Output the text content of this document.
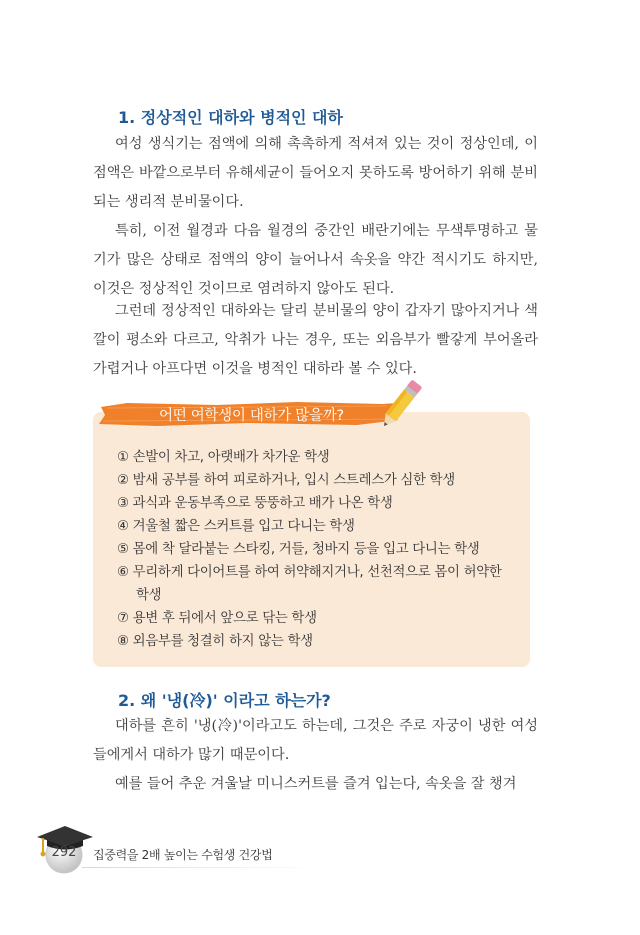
1. 정상적인 대하와 병적인 대하

여성 생식기는 점액에 의해 촉촉하게 적셔져 있는 것이 정상인데, 이 점액은 바깥으로부터 유해세균이 들어오지 못하도록 방어하기 위해 분비되는 생리적 분비물이다.

특히, 이전 월경과 다음 월경의 중간인 배란기에는 무색투명하고 물기가 많은 상태로 점액의 양이 늘어나서 속옷을 약간 적시기도 하지만, 이것은 정상적인 것이므로 염려하지 않아도 된다.

그런데 정상적인 대하와는 달리 분비물의 양이 갑자기 많아지거나 색깔이 평소와 다르고, 악취가 나는 경우, 또는 외음부가 빨갛게 부어올라 가렵거나 아프다면 이것을 병적인 대하라 볼 수 있다.

어떤 여학생이 대하가 많을까?
① 손발이 차고, 아랫배가 차가운 학생
② 밤새 공부를 하여 피로하거나, 입시 스트레스가 심한 학생
③ 과식과 운동부족으로 뚱뚱하고 배가 나온 학생
④ 겨울철 짧은 스커트를 입고 다니는 학생
⑤ 몸에 착 달라붙는 스타킹, 거들, 청바지 등을 입고 다니는 학생
⑥ 무리하게 다이어트를 하여 허약해지거나, 선천적으로 몸이 허약한 학생
⑦ 용변 후 뒤에서 앞으로 닦는 학생
⑧ 외음부를 청결히 하지 않는 학생
2. 왜 '냉(冷)' 이라고 하는가?

대하를 흔히 '냉(冷)'이라고도 하는데, 그것은 주로 자궁이 냉한 여성들에게서 대하가 많기 때문이다.

예를 들어 추운 겨울날 미니스커트를 즐겨 입는다, 속옷을 잘 챙겨

292	집중력을 2배 높이는 수험생 건강법
